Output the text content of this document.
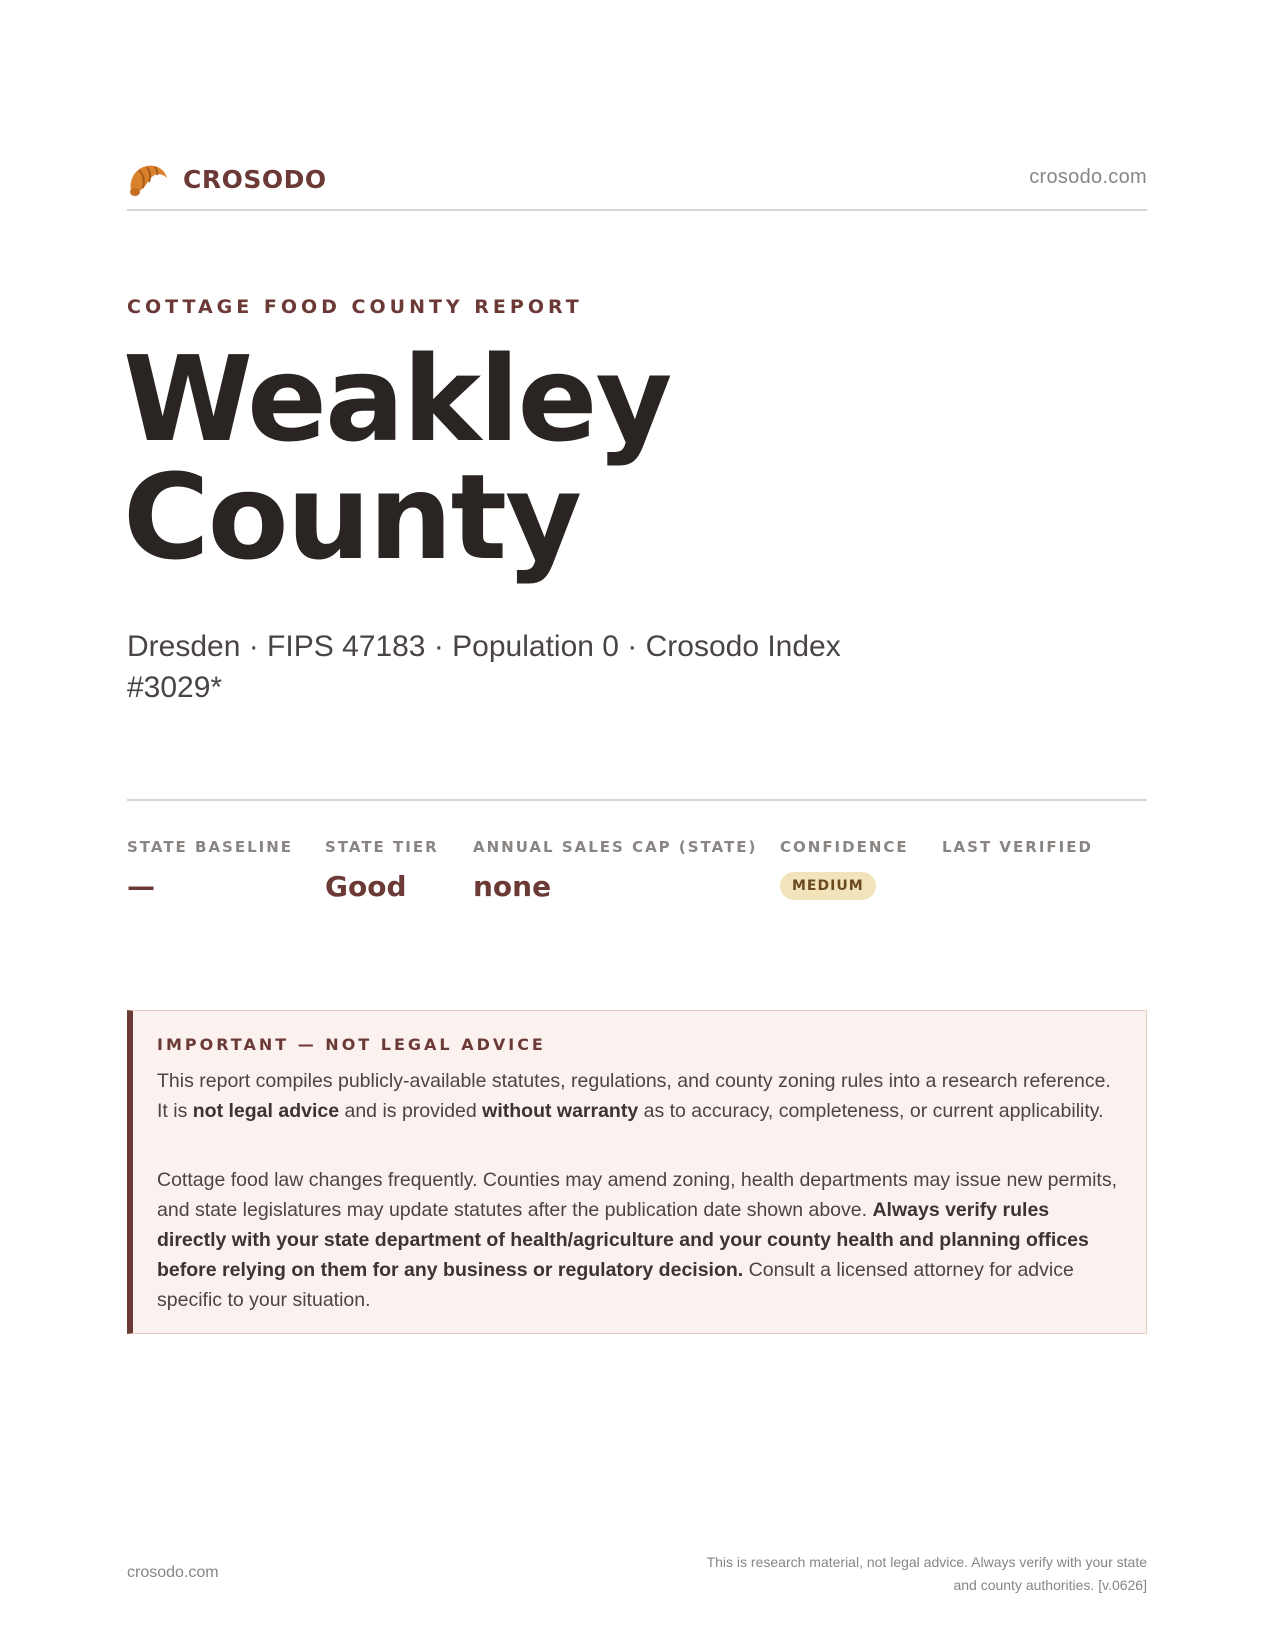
CROSODO	crosodo.com
COTTAGE FOOD COUNTY REPORT
Weakley County
Dresden · FIPS 47183 · Population 0 · Crosodo Index #3029*
STATE BASELINE
—
STATE TIER
Good
ANNUAL SALES CAP (STATE)
none
CONFIDENCE
MEDIUM
LAST VERIFIED
IMPORTANT — NOT LEGAL ADVICE

This report compiles publicly-available statutes, regulations, and county zoning rules into a research reference. It is not legal advice and is provided without warranty as to accuracy, completeness, or current applicability.

Cottage food law changes frequently. Counties may amend zoning, health departments may issue new permits, and state legislatures may update statutes after the publication date shown above. Always verify rules directly with your state department of health/agriculture and your county health and planning offices before relying on them for any business or regulatory decision. Consult a licensed attorney for advice specific to your situation.

crosodo.com
This is research material, not legal advice. Always verify with your state
and county authorities. [v.0626]
